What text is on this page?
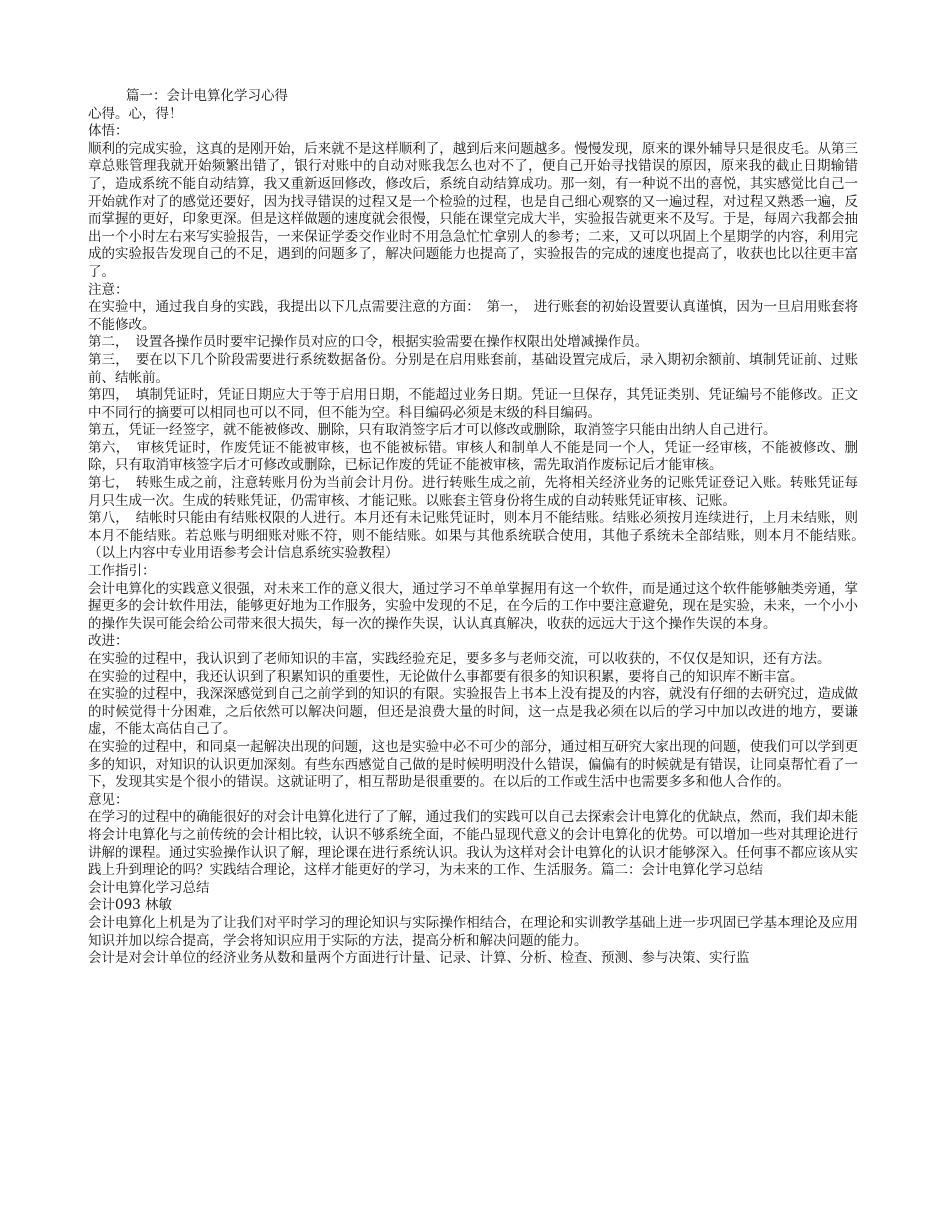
篇一：会计电算化学习心得

心得。心，得！

体悟：

顺利的完成实验，这真的是刚开始，后来就不是这样顺利了，越到后来问题越多。慢慢发现，原来的课外辅导只是很皮毛。从第三章总账管理我就开始频繁出错了，银行对账中的自动对账我怎么也对不了，便自己开始寻找错误的原因，原来我的截止日期输错了，造成系统不能自动结算，我又重新返回修改，修改后，系统自动结算成功。那一刻，有一种说不出的喜悦，其实感觉比自己一开始就作对了的感觉还要好，因为找寻错误的过程又是一个检验的过程，也是自己细心观察的又一遍过程，对过程又熟悉一遍，反而掌握的更好，印象更深。但是这样做题的速度就会很慢，只能在课堂完成大半，实验报告就更来不及写。于是，每周六我都会抽出一个小时左右来写实验报告，一来保证学委交作业时不用急急忙忙拿别人的参考；二来，又可以巩固上个星期学的内容，利用完成的实验报告发现自己的不足，遇到的问题多了，解决问题能力也提高了，实验报告的完成的速度也提高了，收获也比以往更丰富了。

注意：

在实验中，通过我自身的实践，我提出以下几点需要注意的方面：　第一，　进行账套的初始设置要认真谨慎，因为一旦启用账套将不能修改。

第二，　设置各操作员时要牢记操作员对应的口令，根据实验需要在操作权限出处增减操作员。

第三，　要在以下几个阶段需要进行系统数据备份。分别是在启用账套前，基础设置完成后，录入期初余额前、填制凭证前、过账前、结帐前。

第四，　填制凭证时，凭证日期应大于等于启用日期，不能超过业务日期。凭证一旦保存，其凭证类别、凭证编号不能修改。正文中不同行的摘要可以相同也可以不同，但不能为空。科目编码必须是末级的科目编码。

第五，凭证一经签字，就不能被修改、删除，只有取消签字后才可以修改或删除，取消签字只能由出纳人自己进行。

第六，　审核凭证时，作废凭证不能被审核，也不能被标错。审核人和制单人不能是同一个人，凭证一经审核，不能被修改、删除，只有取消审核签字后才可修改或删除，已标记作废的凭证不能被审核，需先取消作废标记后才能审核。

第七，　转账生成之前，注意转账月份为当前会计月份。进行转账生成之前，先将相关经济业务的记账凭证登记入账。转账凭证每月只生成一次。生成的转账凭证，仍需审核、才能记账。以账套主管身份将生成的自动转账凭证审核、记账。

第八，　结帐时只能由有结账权限的人进行。本月还有未记账凭证时，则本月不能结账。结账必须按月连续进行，上月未结账，则本月不能结账。若总账与明细账对账不符，则不能结账。如果与其他系统联合使用，其他子系统未全部结账，则本月不能结账。　　（以上内容中专业用语参考会计信息系统实验教程）

工作指引：

会计电算化的实践意义很强，对未来工作的意义很大，通过学习不单单掌握用有这一个软件，而是通过这个软件能够触类旁通，掌握更多的会计软件用法，能够更好地为工作服务，实验中发现的不足，在今后的工作中要注意避免，现在是实验，未来，一个小小的操作失误可能会给公司带来很大损失，每一次的操作失误，认认真真解决，收获的远远大于这个操作失误的本身。

改进：

在实验的过程中，我认识到了老师知识的丰富，实践经验充足，要多多与老师交流，可以收获的，不仅仅是知识，还有方法。

在实验的过程中，我还认识到了积累知识的重要性，无论做什么事都要有很多的知识积累，要将自己的知识库不断丰富。

在实验的过程中，我深深感觉到自己之前学到的知识的有限。实验报告上书本上没有提及的内容，就没有仔细的去研究过，造成做的时候觉得十分困难，之后依然可以解决问题，但还是浪费大量的时间，这一点是我必须在以后的学习中加以改进的地方，要谦虚，不能太高估自己了。

在实验的过程中，和同桌一起解决出现的问题，这也是实验中必不可少的部分，通过相互研究大家出现的问题，使我们可以学到更多的知识，对知识的认识更加深刻。有些东西感觉自己做的是时候明明没什么错误，偏偏有的时候就是有错误，让同桌帮忙看了一下，发现其实是个很小的错误。这就证明了，相互帮助是很重要的。在以后的工作或生活中也需要多多和他人合作的。

意见：

在学习的过程中的确能很好的对会计电算化进行了了解，通过我们的实践可以自己去探索会计电算化的优缺点，然而，我们却未能将会计电算化与之前传统的会计相比较，认识不够系统全面，不能凸显现代意义的会计电算化的优势。可以增加一些对其理论进行讲解的课程。通过实验操作认识了解，理论课在进行系统认识。我认为这样对会计电算化的认识才能够深入。任何事不都应该从实践上升到理论的吗？实践结合理论，这样才能更好的学习，为未来的工作、生活服务。篇二：会计电算化学习总结

会计电算化学习总结

会计093 林敏

会计电算化上机是为了让我们对平时学习的理论知识与实际操作相结合，在理论和实训教学基础上进一步巩固已学基本理论及应用知识并加以综合提高，学会将知识应用于实际的方法，提高分析和解决问题的能力。

会计是对会计单位的经济业务从数和量两个方面进行计量、记录、计算、分析、检查、预测、参与决策、实行监
